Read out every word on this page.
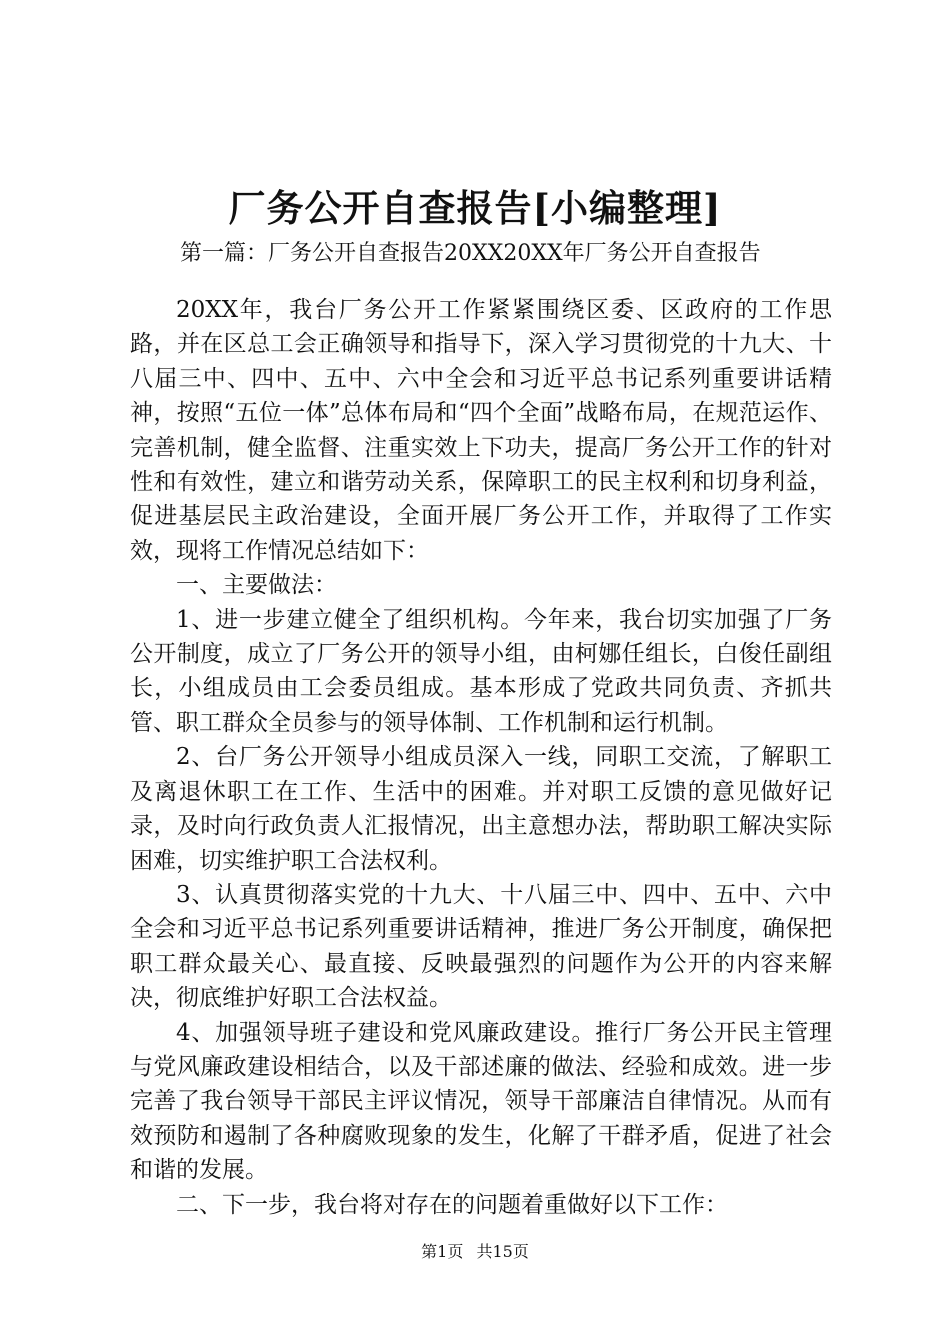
厂务公开自查报告[小编整理]
第一篇：厂务公开自查报告20XX20XX年厂务公开自查报告

20XX年，我台厂务公开工作紧紧围绕区委、区政府的工作思路，并在区总工会正确领导和指导下，深入学习贯彻党的十九大、十八届三中、四中、五中、六中全会和习近平总书记系列重要讲话精神，按照“五位一体”总体布局和“四个全面”战略布局，在规范运作、完善机制，健全监督、注重实效上下功夫，提高厂务公开工作的针对性和有效性，建立和谐劳动关系，保障职工的民主权利和切身利益，促进基层民主政治建设，全面开展厂务公开工作，并取得了工作实效，现将工作情况总结如下：

一、主要做法：

1、进一步建立健全了组织机构。今年来，我台切实加强了厂务公开制度，成立了厂务公开的领导小组，由柯娜任组长，白俊任副组长，小组成员由工会委员组成。基本形成了党政共同负责、齐抓共管、职工群众全员参与的领导体制、工作机制和运行机制。

2、台厂务公开领导小组成员深入一线，同职工交流，了解职工及离退休职工在工作、生活中的困难。并对职工反馈的意见做好记录，及时向行政负责人汇报情况，出主意想办法，帮助职工解决实际困难，切实维护职工合法权利。

3、认真贯彻落实党的十九大、十八届三中、四中、五中、六中全会和习近平总书记系列重要讲话精神，推进厂务公开制度，确保把职工群众最关心、最直接、反映最强烈的问题作为公开的内容来解决，彻底维护好职工合法权益。

4、加强领导班子建设和党风廉政建设。推行厂务公开民主管理与党风廉政建设相结合，以及干部述廉的做法、经验和成效。进一步完善了我台领导干部民主评议情况，领导干部廉洁自律情况。从而有效预防和遏制了各种腐败现象的发生，化解了干群矛盾，促进了社会和谐的发展。

二、下一步，我台将对存在的问题着重做好以下工作：

第1页 共15页
